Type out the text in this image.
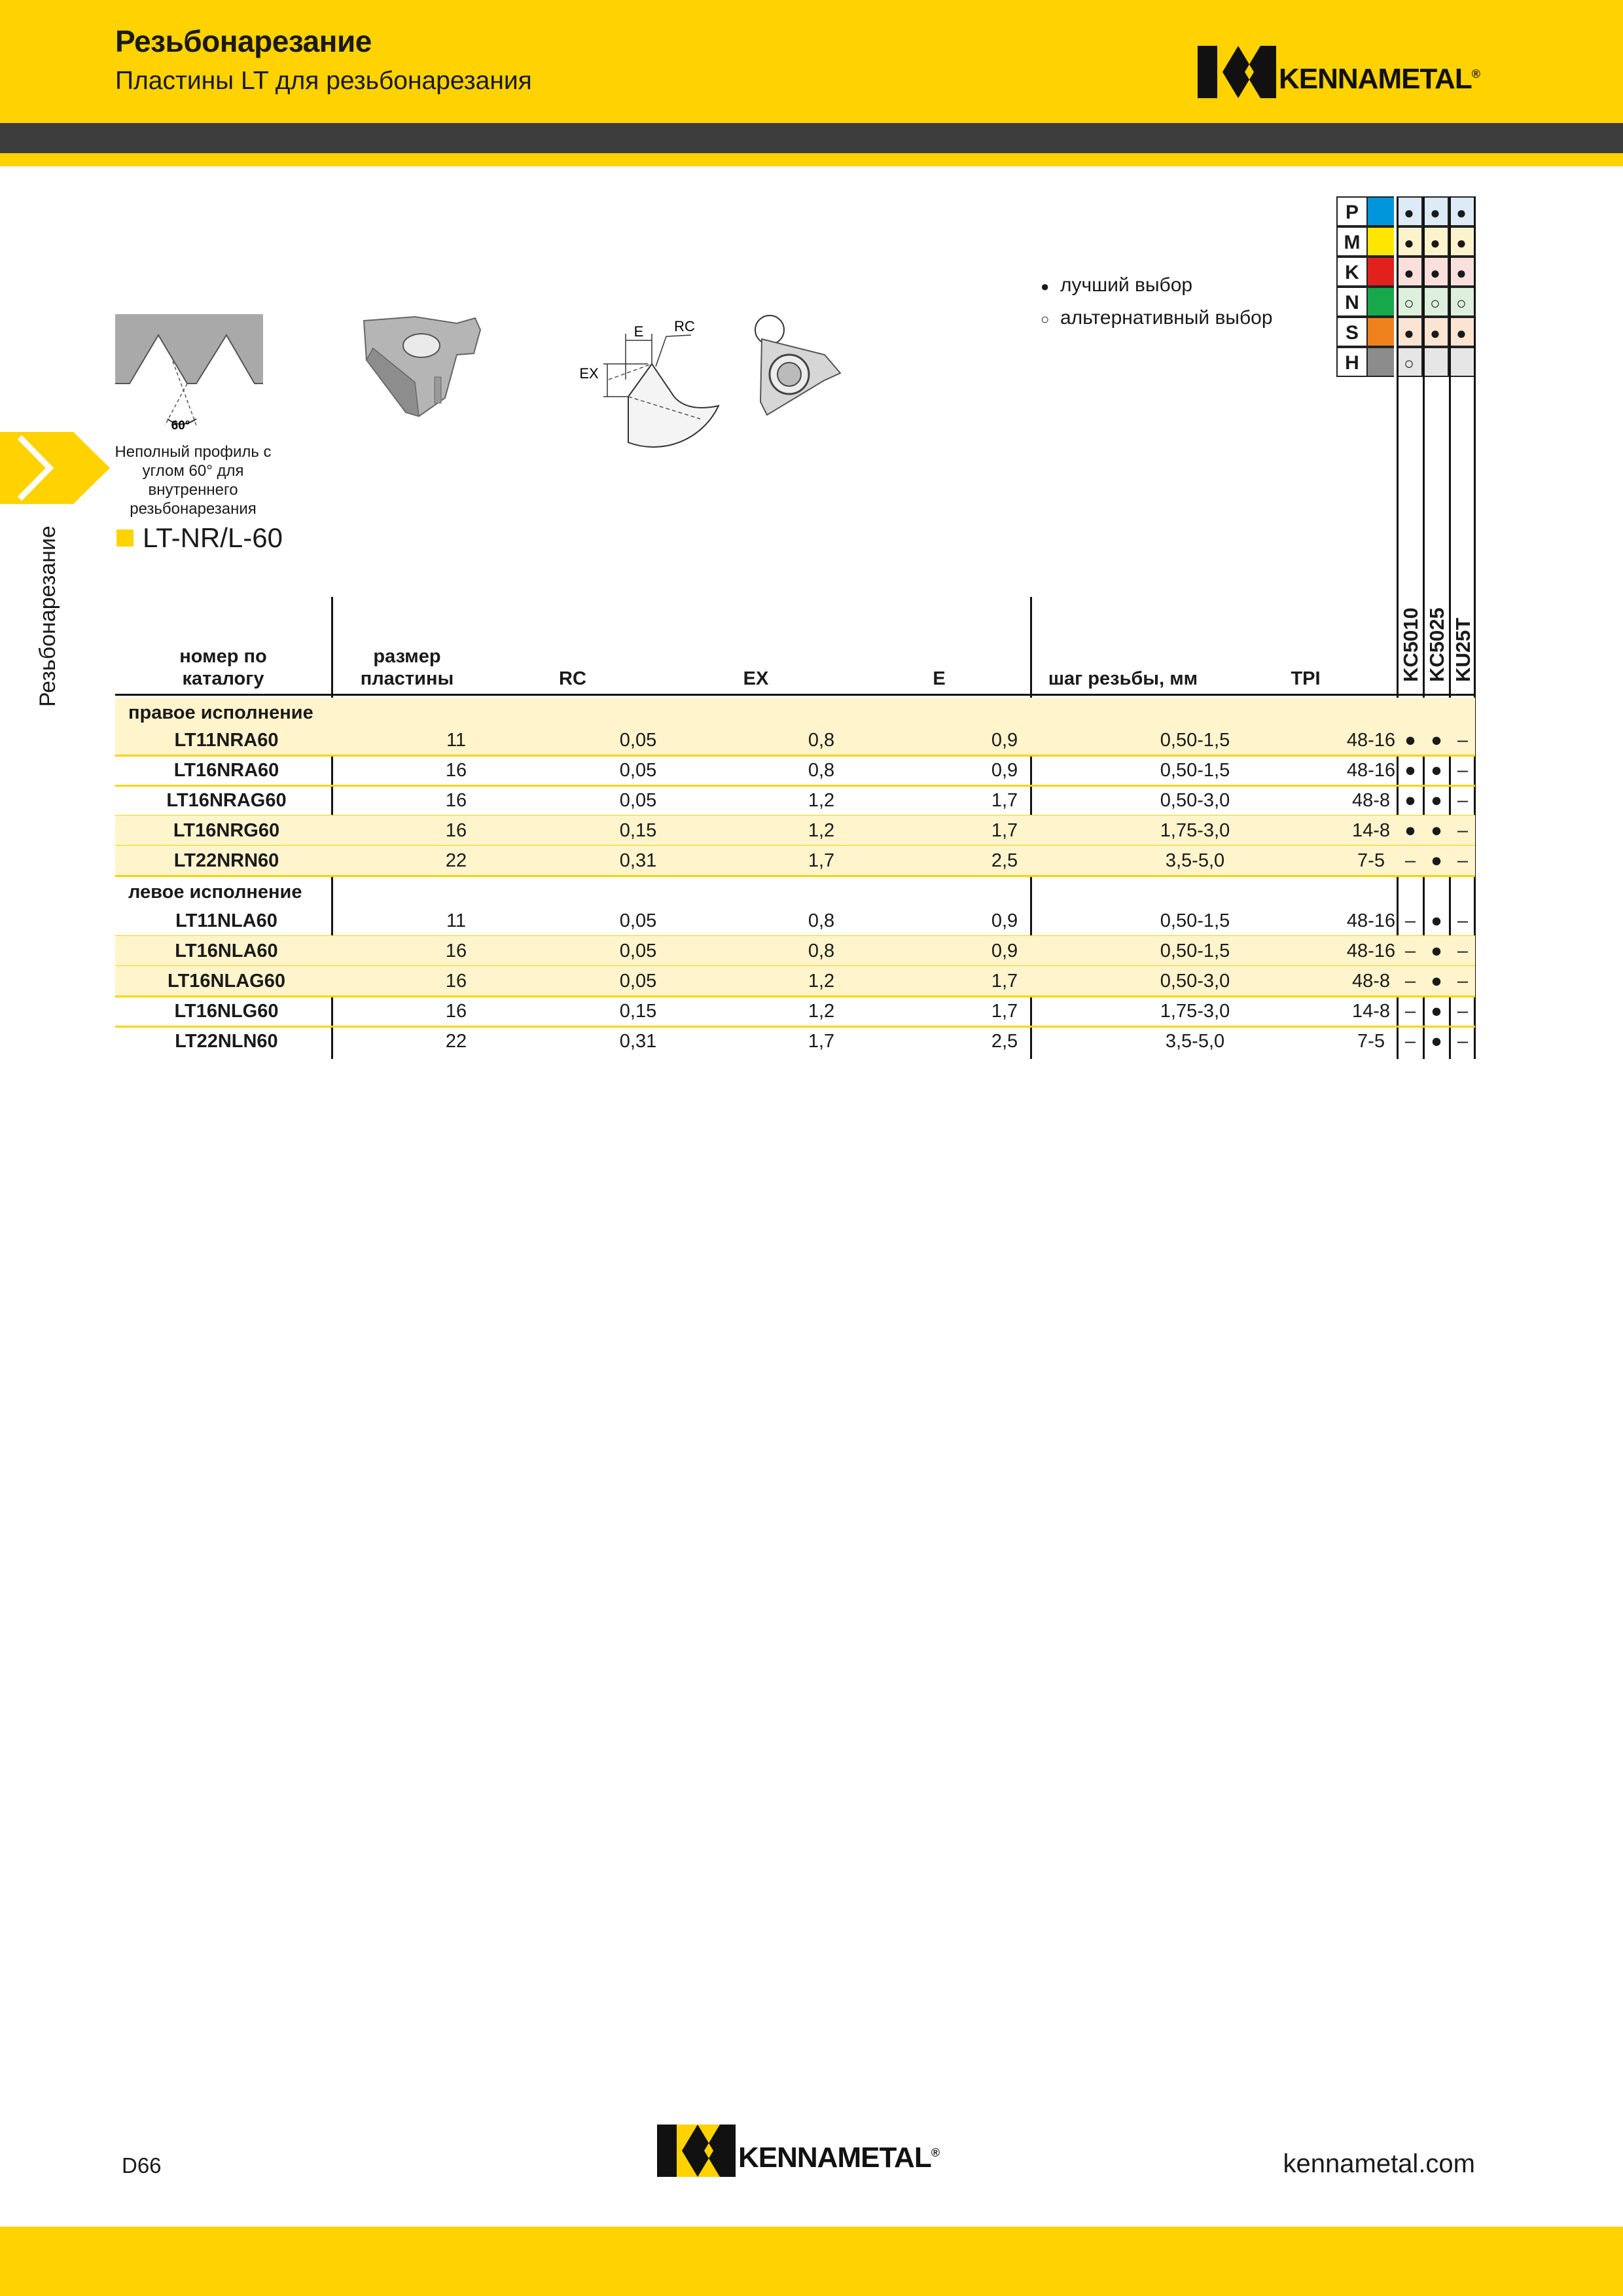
Резьбонарезание
Пластины LT для резьбонарезания	KENNAMETAL ®
Резьбонарезание
60°
Неполный профиль с углом 60° для внутреннего резьбонарезания
E RC
EX
LT-NR/L-60
● лучший выбор
○ альтернативный выбор
P	● ● ●
M	● ● ●
K	● ● ●
N	○ ○ ○
S	● ● ●
H	○
KC5010 KC5025 KU25T
номер по каталогу
размер пластины	RC	EX	E	шаг резьбы, мм	TPI
правое исполнение
LT11NRA60	11	0,05	0,8	0,9	0,50-1,5	48-16 ● ● –
LT16NRA60	16	0,05	0,8	0,9	0,50-1,5	48-16 ● ● –
LT16NRAG60	16	0,05	1,2	1,7	0,50-3,0	48-8 ● ● –
LT16NRG60	16	0,15	1,2	1,7	1,75-3,0	14-8 ● ● –
LT22NRN60	22	0,31	1,7	2,5	3,5-5,0	7-5	– ● –
левое исполнение
LT11NLA60	11	0,05	0,8	0,9	0,50-1,5	48-16 – ● –
LT16NLA60	16	0,05	0,8	0,9	0,50-1,5	48-16 – ● –
LT16NLAG60	16	0,05	1,2	1,7	0,50-3,0	48-8 – ● –
LT16NLG60	16	0,15	1,2	1,7	1,75-3,0	14-8 – ● –
LT22NLN60	22	0,31	1,7	2,5	3,5-5,0	7-5	– ● –
D66	KENNAMETAL ®	kennametal.com
